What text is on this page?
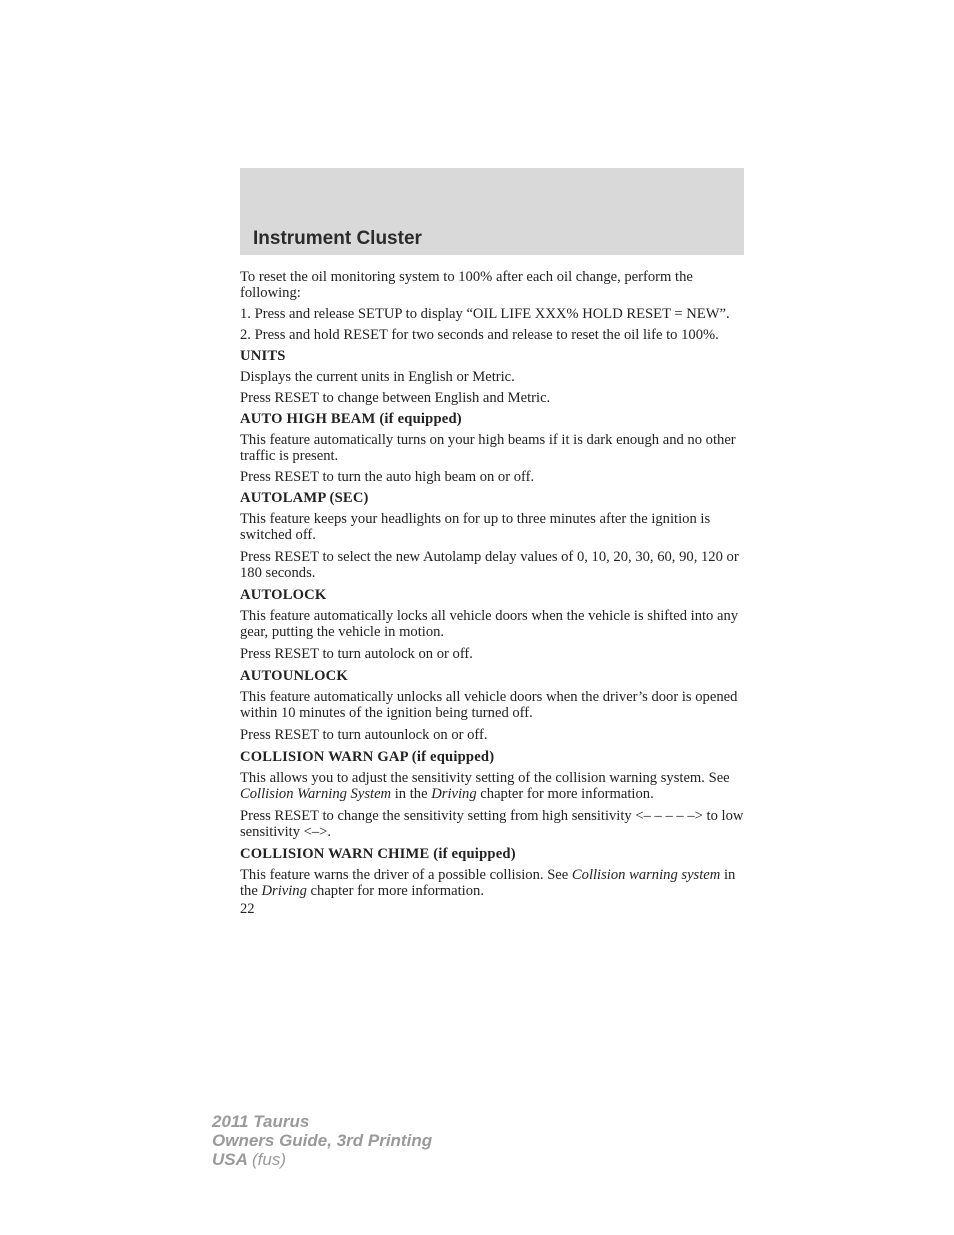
Instrument Cluster

To reset the oil monitoring system to 100% after each oil change, perform the following:

1. Press and release SETUP to display “OIL LIFE XXX% HOLD RESET = NEW”.

2. Press and hold RESET for two seconds and release to reset the oil life to 100%.

UNITS

Displays the current units in English or Metric.

Press RESET to change between English and Metric.

AUTO HIGH BEAM (if equipped)

This feature automatically turns on your high beams if it is dark enough and no other traffic is present.

Press RESET to turn the auto high beam on or off.

AUTOLAMP (SEC)

This feature keeps your headlights on for up to three minutes after the ignition is switched off.

Press RESET to select the new Autolamp delay values of 0, 10, 20, 30, 60, 90, 120 or 180 seconds.

AUTOLOCK

This feature automatically locks all vehicle doors when the vehicle is shifted into any gear, putting the vehicle in motion.

Press RESET to turn autolock on or off.

AUTOUNLOCK

This feature automatically unlocks all vehicle doors when the driver’s door is opened within 10 minutes of the ignition being turned off.

Press RESET to turn autounlock on or off.

COLLISION WARN GAP (if equipped)

This allows you to adjust the sensitivity setting of the collision warning system. See Collision Warning System in the Driving chapter for more information.

Press RESET to change the sensitivity setting from high sensitivity <– – – – –> to low sensitivity <–>.

COLLISION WARN CHIME (if equipped)

This feature warns the driver of a possible collision. See Collision warning system in the Driving chapter for more information.

22
2011 Taurus
Owners Guide, 3rd Printing
USA (fus)
